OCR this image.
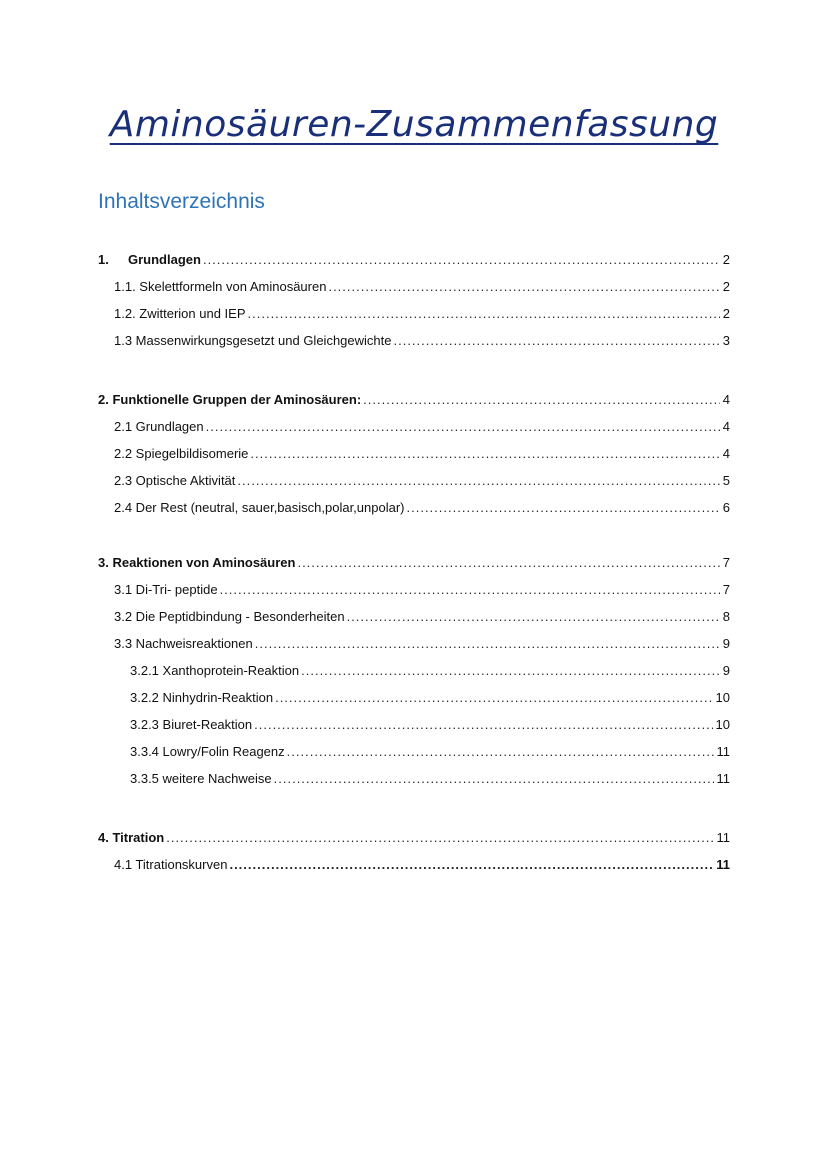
Aminosäuren-Zusammenfassung
Inhaltsverzeichnis
1. Grundlagen .....	2
1.1. Skelettformeln von Aminosäuren .....	2
1.2. Zwitterion und IEP .....	2
1.3 Massenwirkungsgesetzt und Gleichgewichte .....	3
2. Funktionelle Gruppen der Aminosäuren: .....	4
2.1 Grundlagen .....	4
2.2 Spiegelbildisomerie .....	4
2.3 Optische Aktivität .....	5
2.4 Der Rest (neutral, sauer,basisch,polar,unpolar) .....	6
3. Reaktionen von Aminosäuren .....	7
3.1 Di-Tri- peptide .....	7
3.2 Die Peptidbindung - Besonderheiten .....	8
3.3 Nachweisreaktionen .....	9
3.2.1 Xanthoprotein-Reaktion .....	9
3.2.2 Ninhydrin-Reaktion .....	10
3.2.3 Biuret-Reaktion .....	10
3.3.4 Lowry/Folin Reagenz .....	11
3.3.5 weitere Nachweise .....	11
4. Titration .....	11
4.1 Titrationskurven .....	11
